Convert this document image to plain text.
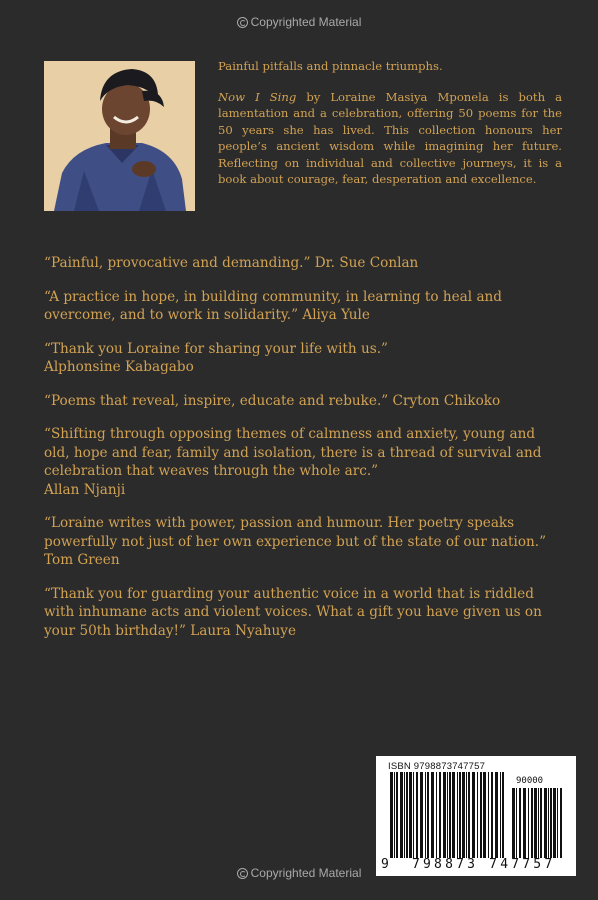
Copyrighted Material

Painful pitfalls and pinnacle triumphs.

Now I Sing by Loraine Masiya Mponela is both a lamentation and a celebration, offering 50 poems for the 50 years she has lived. This collection honours her people’s ancient wisdom while imagining her future. Reflecting on individual and collective journeys, it is a book about courage, fear, desperation and excellence.

“Painful, provocative and demanding.” Dr. Sue Conlan

“A practice in hope, in building community, in learning to heal and overcome, and to work in solidarity.” Aliya Yule

“Thank you Loraine for sharing your life with us.”
Alphonsine Kabagabo

“Poems that reveal, inspire, educate and rebuke.” Cryton Chikoko

“Shifting through opposing themes of calmness and anxiety, young and old, hope and fear, family and isolation, there is a thread of survival and celebration that weaves through the whole arc.”
Allan Njanji

“Loraine writes with power, passion and humour. Her poetry speaks powerfully not just of her own experience but of the state of our nation.”
Tom Green

“Thank you for guarding your authentic voice in a world that is riddled with inhumane acts and violent voices. What a gift you have given us on your 50th birthday!” Laura Nyahuye

Copyrighted Material
ISBN 9798873747757
90000
9 798873 747757
